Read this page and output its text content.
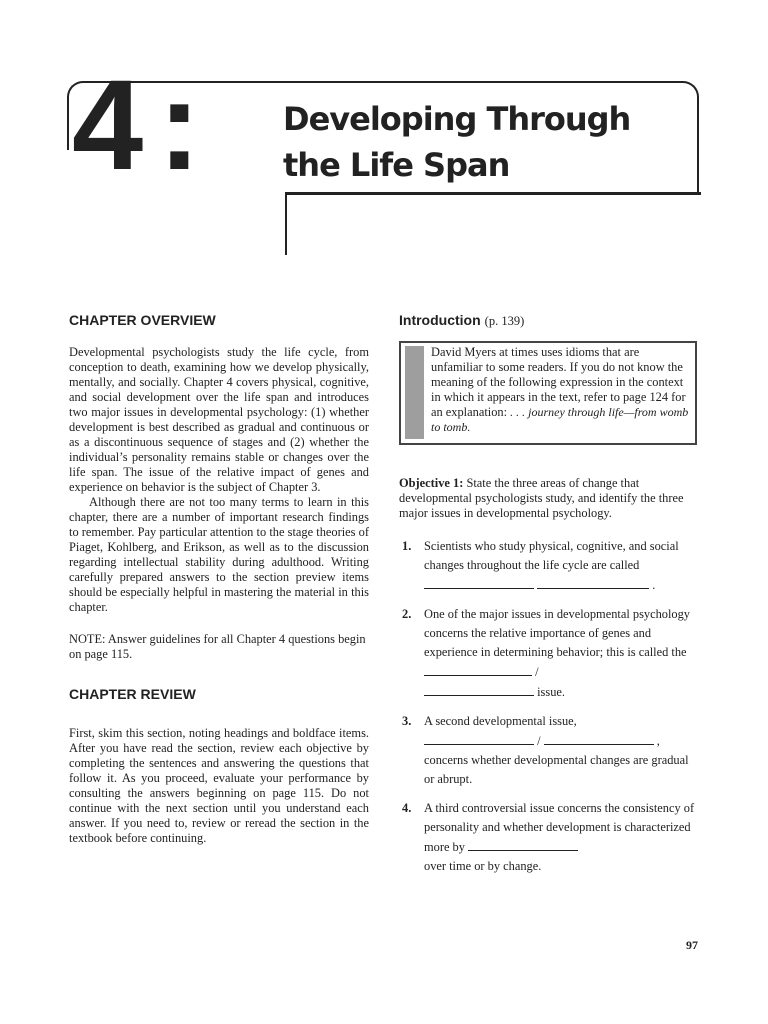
4 :	Developing Through
the Life Span
CHAPTER OVERVIEW

Developmental psychologists study the life cycle, from conception to death, examining how we develop physically, mentally, and socially. Chapter 4 covers physical, cognitive, and social development over the life span and introduces two major issues in developmental psychology: (1) whether development is best described as gradual and continuous or as a discontinuous sequence of stages and (2) whether the individual’s personality remains stable or changes over the life span. The issue of the relative impact of genes and experience on behavior is the subject of Chapter 3.

Although there are not too many terms to learn in this chapter, there are a number of important research findings to remember. Pay particular attention to the stage theories of Piaget, Kohlberg, and Erikson, as well as to the discussion regarding intellectual stability during adulthood. Writing carefully prepared answers to the section preview items should be especially helpful in mastering the material in this chapter.

NOTE: Answer guidelines for all Chapter 4 questions begin on page 115.

CHAPTER REVIEW

First, skim this section, noting headings and boldface items. After you have read the section, review each objective by completing the sentences and answering the questions that follow it. As you proceed, evaluate your performance by consulting the answers beginning on page 115. Do not continue with the next section until you understand each answer. If you need to, review or reread the section in the textbook before continuing.

Introduction (p. 139)
David Myers at times uses idioms that are unfamiliar to some readers. If you do not know the meaning of the following expression in the context in which it appears in the text, refer to page 124 for an explanation: . . . journey through life—from womb to tomb.
Objective 1: State the three areas of change that developmental psychologists study, and identify the three major issues in developmental psychology.
1.	Scientists who study physical, cognitive, and social changes throughout the life cycle are called
.
2.	One of the major issues in developmental psychology concerns the relative importance of genes and experience in determining behavior; this is called the  /
issue.
3.	A second developmental issue,
/	,
concerns whether developmental changes are gradual or abrupt.
4.	A third controversial issue concerns the consistency of personality and whether development is characterized more by
over time or by change.
97
